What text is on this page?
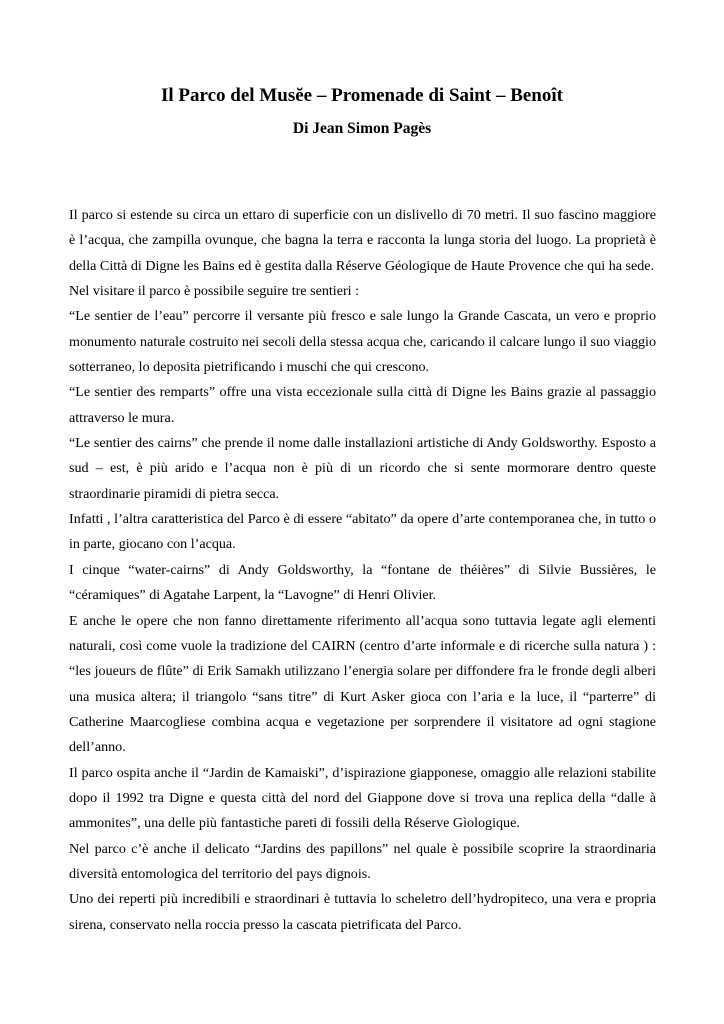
Il Parco del Musĕe – Promenade di Saint – Benoît
Di Jean Simon Pagès

Il parco si estende su circa un ettaro di superficie con un dislivello di 70 metri. Il suo fascino maggiore è l’acqua, che zampilla ovunque, che bagna la terra e racconta la lunga storia del luogo. La proprietà è della Città di Digne les Bains ed è gestita dalla Réserve Géologique de Haute Provence che qui ha sede.

Nel visitare il parco è possibile seguire tre sentieri :

“Le sentier de l’eau” percorre il versante più fresco e sale lungo la Grande Cascata, un vero e proprio monumento naturale costruito nei secoli della stessa acqua che, caricando il calcare lungo il suo viaggio sotterraneo, lo deposita pietrificando i muschi che qui crescono.

“Le sentier des remparts” offre una vista eccezionale sulla città di Digne les Bains grazie al passaggio attraverso le mura.

“Le sentier des cairns” che prende il nome dalle installazioni artistiche di Andy Goldsworthy. Esposto a sud – est, è più arido e l’acqua non è più di un ricordo che si sente mormorare dentro queste straordinarie piramidi di pietra secca.

Infatti , l’altra caratteristica del Parco è di essere “abitato” da opere d’arte contemporanea che, in tutto o in parte, giocano con l’acqua.

I cinque “water-cairns” di Andy Goldsworthy, la “fontane de théières” di Silvie Bussières, le “céramiques” di Agatahe Larpent, la “Lavogne” di Henri Olivier.

E anche le opere che non fanno direttamente riferimento all’acqua sono tuttavia legate agli elementi naturali, così come vuole la tradizione del CAIRN (centro d’arte informale e di ricerche sulla natura ) : “les joueurs de flûte” di Erik Samakh utilizzano l’energia solare per diffondere fra le fronde degli alberi una musica altera; il triangolo “sans titre” di Kurt Asker gioca con l’aria e la luce, il “parterre” di Catherine Maarcogliese combina acqua e vegetazione per sorprendere il visitatore ad ogni stagione dell’anno.

Il parco ospita anche il “Jardin de Kamaiski”, d’ispirazione giapponese, omaggio alle relazioni stabilite dopo il 1992 tra Digne e questa città del nord del Giappone dove si trova una replica della “dalle à ammonites”, una delle più fantastiche pareti di fossili della Réserve Gìologique.

Nel parco c’è anche il delicato “Jardins des papillons” nel quale è possibile scoprire la straordinaria diversità entomologica del territorio del pays dignois.

Uno dei reperti più incredibili e straordinari è tuttavia lo scheletro dell’hydropiteco, una vera e propria sirena, conservato nella roccia presso la cascata pietrificata del Parco.
